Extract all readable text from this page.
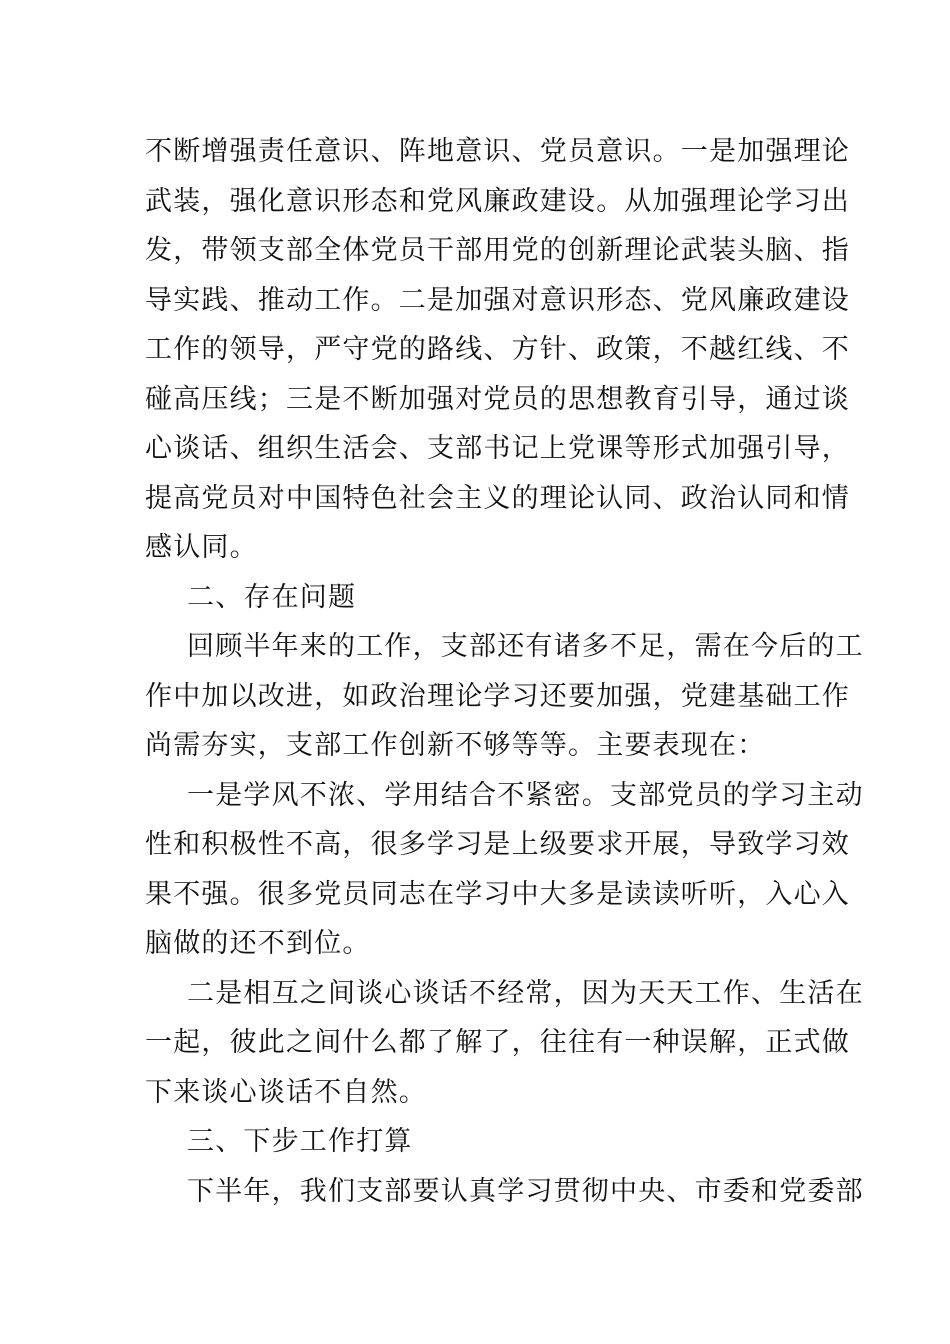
不断增强责任意识、阵地意识、党员意识。一是加强理论
武装，强化意识形态和党风廉政建设。从加强理论学习出
发，带领支部全体党员干部用党的创新理论武装头脑、指
导实践、推动工作。二是加强对意识形态、党风廉政建设
工作的领导，严守党的路线、方针、政策，不越红线、不
碰高压线；三是不断加强对党员的思想教育引导，通过谈
心谈话、组织生活会、支部书记上党课等形式加强引导，
提高党员对中国特色社会主义的理论认同、政治认同和情
感认同。
二、存在问题
回顾半年来的工作，支部还有诸多不足，需在今后的工
作中加以改进，如政治理论学习还要加强，党建基础工作
尚需夯实，支部工作创新不够等等。主要表现在：
一是学风不浓、学用结合不紧密。支部党员的学习主动
性和积极性不高，很多学习是上级要求开展，导致学习效
果不强。很多党员同志在学习中大多是读读听听，入心入
脑做的还不到位。
二是相互之间谈心谈话不经常，因为天天工作、生活在
一起，彼此之间什么都了解了，往往有一种误解，正式做
下来谈心谈话不自然。
三、下步工作打算
下半年，我们支部要认真学习贯彻中央、市委和党委部
